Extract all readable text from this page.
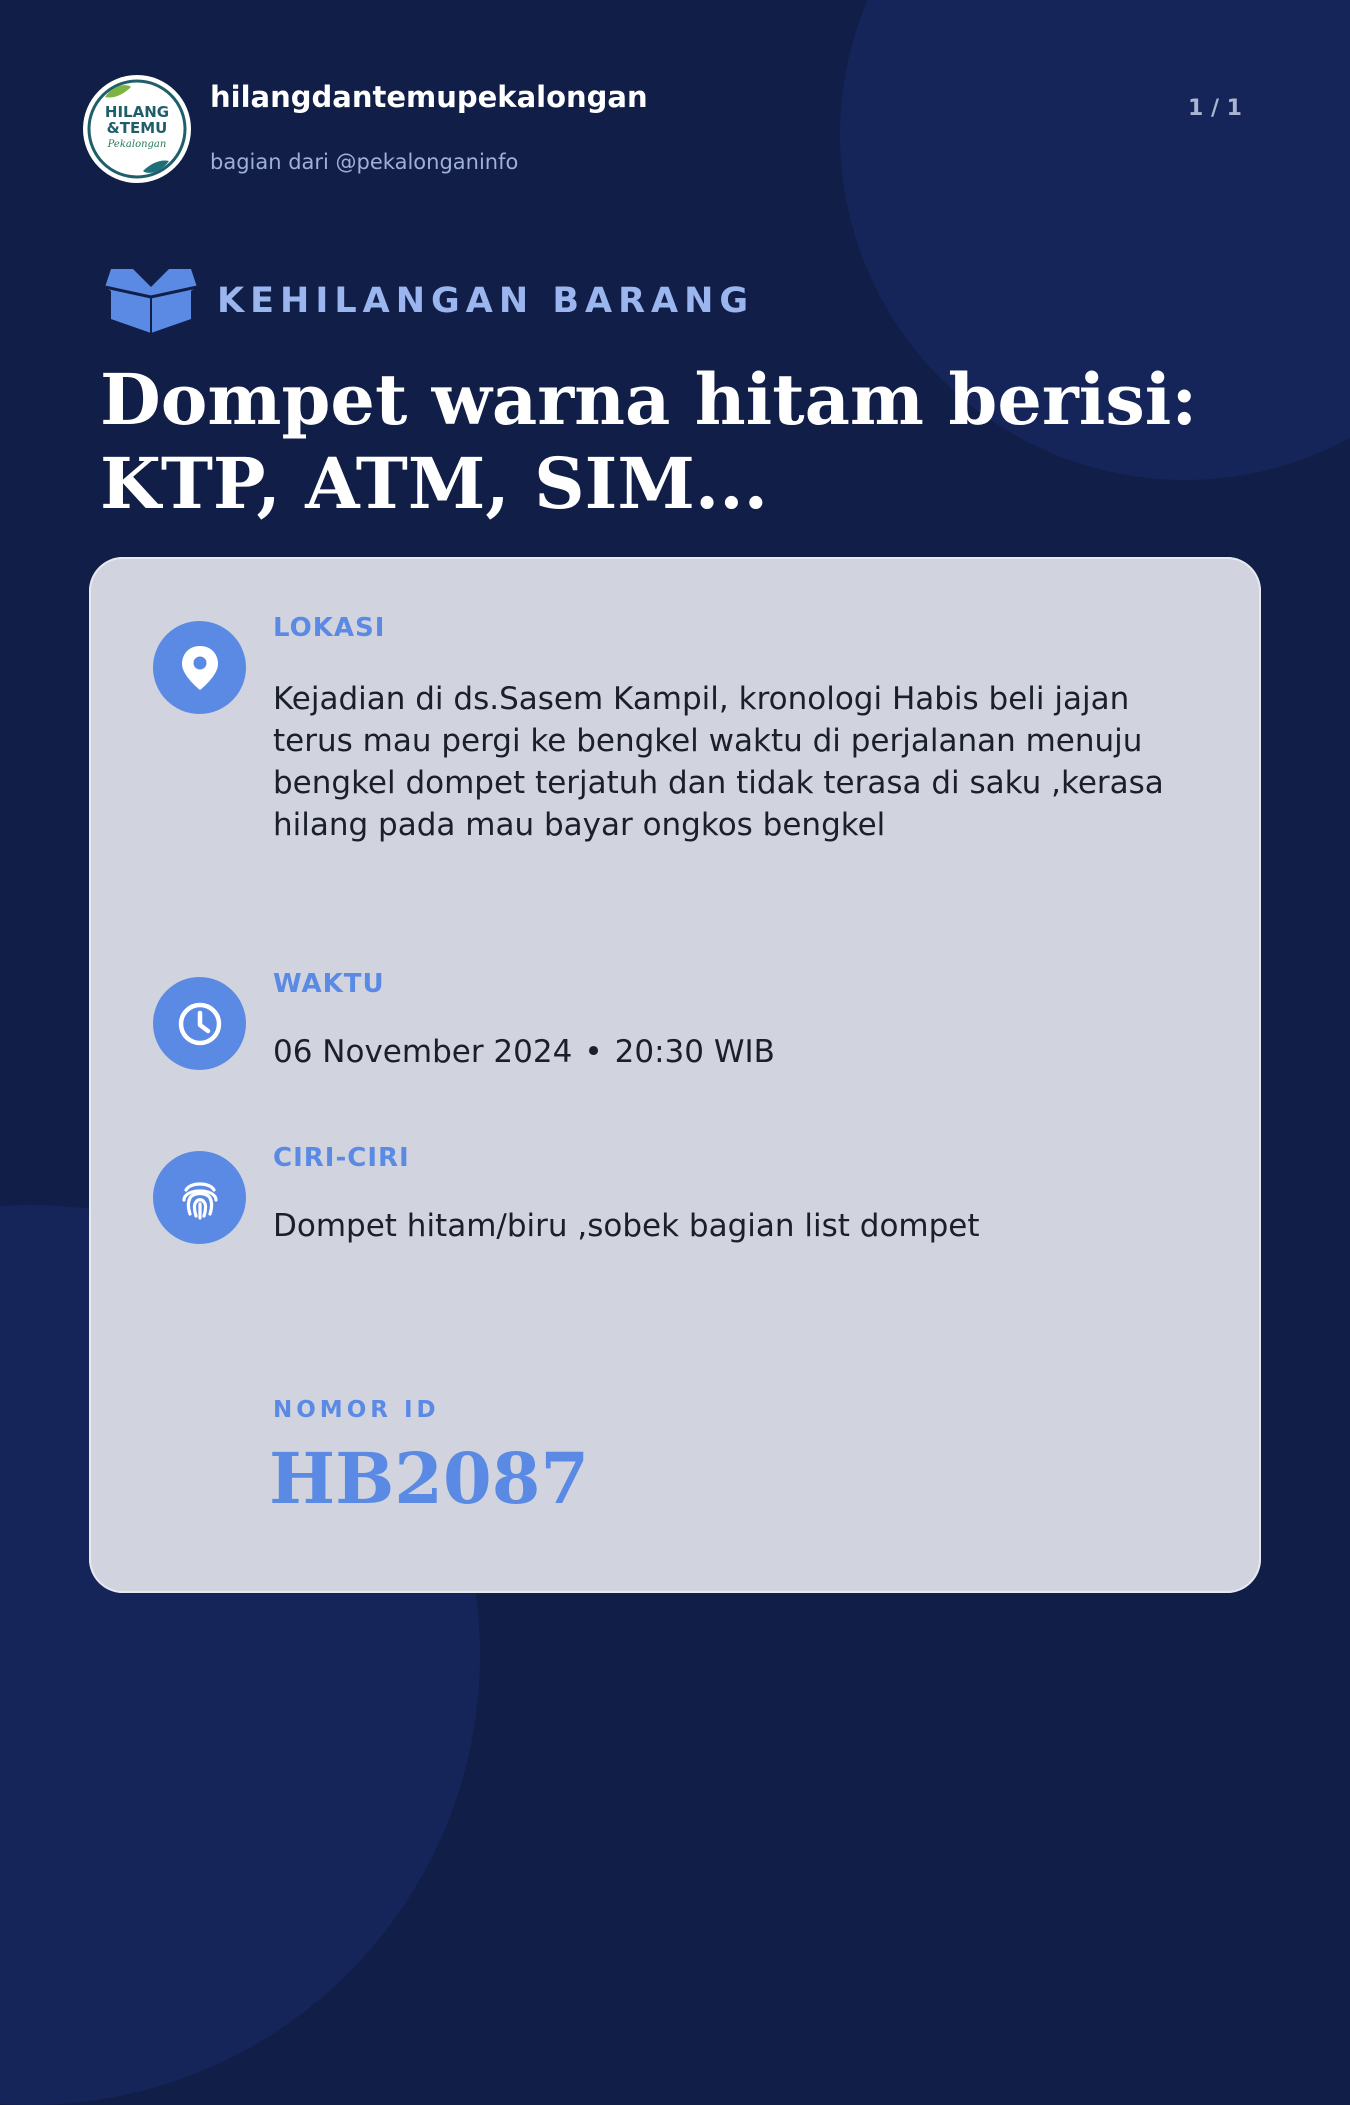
HILANG
&TEMU
Pekalongan
hilangdantemupekalongan
bagian dari @pekalonganinfo
1 / 1
KEHILANGAN BARANG
Dompet warna hitam berisi: KTP, ATM, SIM...
LOKASI
Kejadian di ds.Sasem Kampil, kronologi Habis beli jajan terus mau pergi ke bengkel waktu di perjalanan menuju bengkel dompet terjatuh dan tidak terasa di saku ,kerasa hilang pada mau bayar ongkos bengkel
WAKTU
06 November 2024 • 20:30 WIB
CIRI-CIRI
Dompet hitam/biru ,sobek bagian list dompet
NOMOR ID
HB2087
